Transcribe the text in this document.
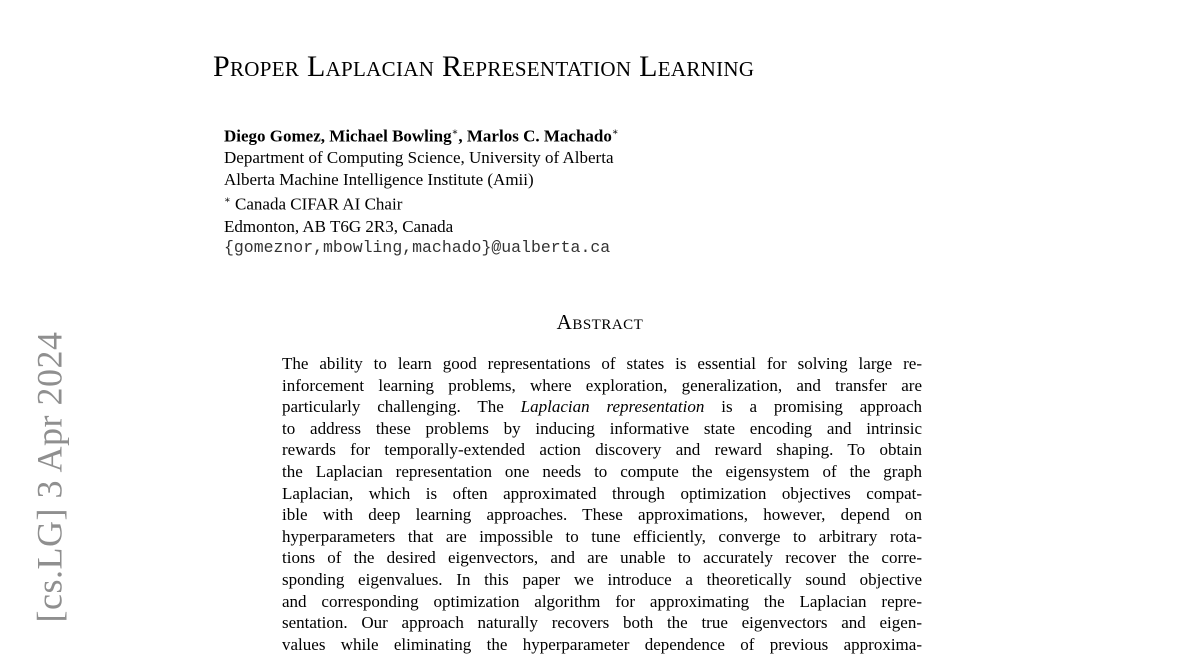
[cs.LG] 3 Apr 2024
Proper Laplacian Representation Learning
Diego Gomez, Michael Bowling∗, Marlos C. Machado∗
Department of Computing Science, University of Alberta
Alberta Machine Intelligence Institute (Amii)
∗ Canada CIFAR AI Chair
Edmonton, AB T6G 2R3, Canada
{gomeznor,mbowling,machado}@ualberta.ca
Abstract
The ability to learn good representations of states is essential for solving large re-
inforcement learning problems, where exploration, generalization, and transfer are
particularly challenging. The Laplacian representation is a promising approach
to address these problems by inducing informative state encoding and intrinsic
rewards for temporally-extended action discovery and reward shaping. To obtain
the Laplacian representation one needs to compute the eigensystem of the graph
Laplacian, which is often approximated through optimization objectives compat-
ible with deep learning approaches. These approximations, however, depend on
hyperparameters that are impossible to tune efficiently, converge to arbitrary rota-
tions of the desired eigenvectors, and are unable to accurately recover the corre-
sponding eigenvalues. In this paper we introduce a theoretically sound objective
and corresponding optimization algorithm for approximating the Laplacian repre-
sentation. Our approach naturally recovers both the true eigenvectors and eigen-
values while eliminating the hyperparameter dependence of previous approxima-
